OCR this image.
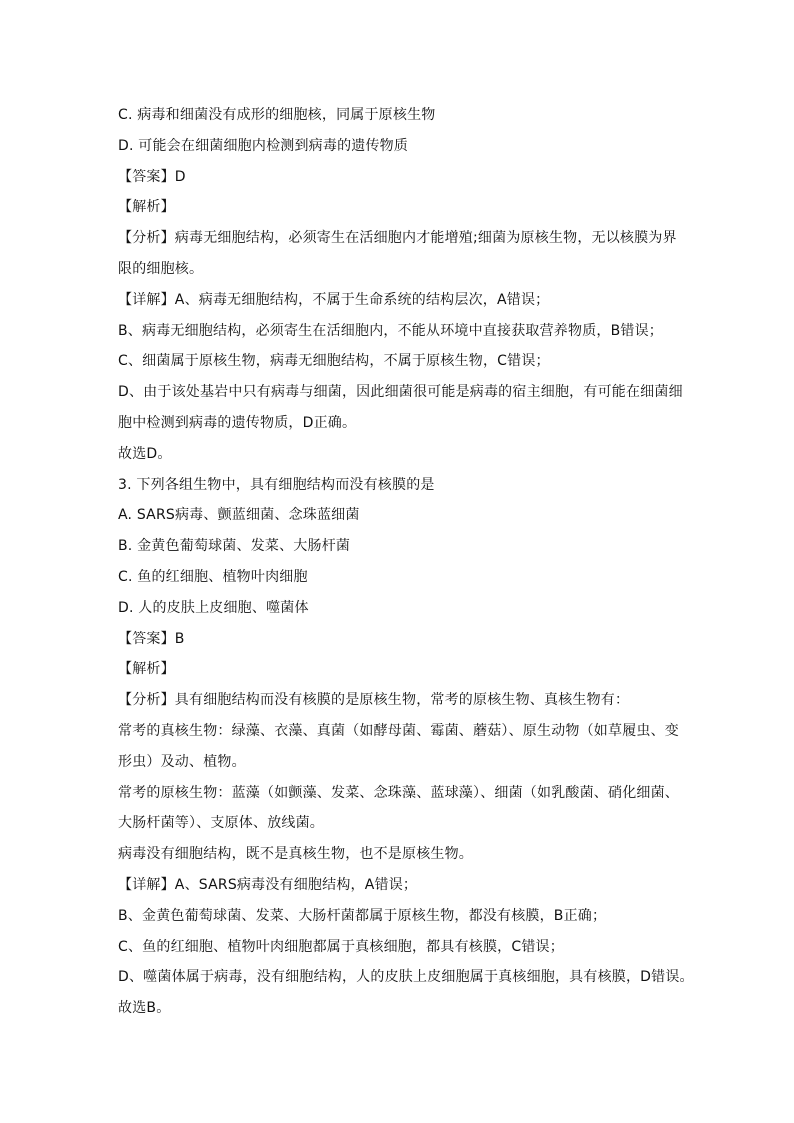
C. 病毒和细菌没有成形的细胞核，同属于原核生物
D. 可能会在细菌细胞内检测到病毒的遗传物质
【答案】D
【解析】
【分析】病毒无细胞结构，必须寄生在活细胞内才能增殖;细菌为原核生物，无以核膜为界
限的细胞核。
【详解】A、病毒无细胞结构，不属于生命系统的结构层次，A错误；
B、病毒无细胞结构，必须寄生在活细胞内，不能从环境中直接获取营养物质，B错误；
C、细菌属于原核生物，病毒无细胞结构，不属于原核生物，C错误；
D、由于该处基岩中只有病毒与细菌，因此细菌很可能是病毒的宿主细胞，有可能在细菌细
胞中检测到病毒的遗传物质，D正确。
故选D。
3. 下列各组生物中，具有细胞结构而没有核膜的是
A. SARS病毒、颤蓝细菌、念珠蓝细菌
B. 金黄色葡萄球菌、发菜、大肠杆菌
C. 鱼的红细胞、植物叶肉细胞
D. 人的皮肤上皮细胞、噬菌体
【答案】B
【解析】
【分析】具有细胞结构而没有核膜的是原核生物，常考的原核生物、真核生物有：
常考的真核生物：绿藻、衣藻、真菌（如酵母菌、霉菌、蘑菇）、原生动物（如草履虫、变
形虫）及动、植物。
常考的原核生物：蓝藻（如颤藻、发菜、念珠藻、蓝球藻）、细菌（如乳酸菌、硝化细菌、
大肠杆菌等）、支原体、放线菌。
病毒没有细胞结构，既不是真核生物，也不是原核生物。
【详解】A、SARS病毒没有细胞结构，A错误；
B、金黄色葡萄球菌、发菜、大肠杆菌都属于原核生物，都没有核膜，B正确；
C、鱼的红细胞、植物叶肉细胞都属于真核细胞，都具有核膜，C错误；
D、噬菌体属于病毒，没有细胞结构，人的皮肤上皮细胞属于真核细胞，具有核膜，D错误。
故选B。
